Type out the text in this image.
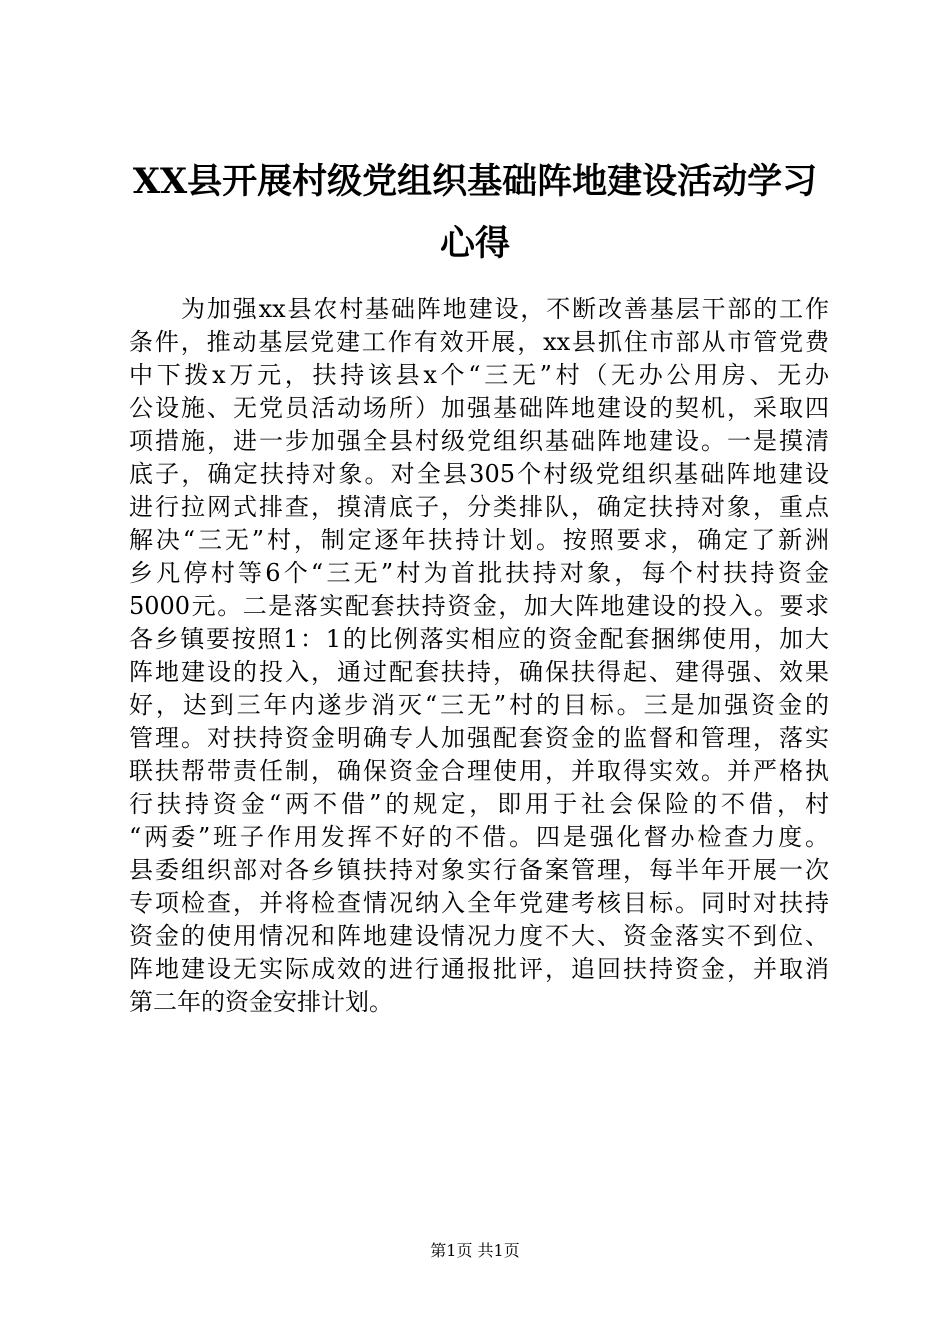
XX县开展村级党组织基础阵地建设活动学习
心得
为加强xx县农村基础阵地建设，不断改善基层干部的工作
条件，推动基层党建工作有效开展，xx县抓住市部从市管党费
中下拨x万元，扶持该县x个“三无”村（无办公用房、无办
公设施、无党员活动场所）加强基础阵地建设的契机，采取四
项措施，进一步加强全县村级党组织基础阵地建设。一是摸清
底子，确定扶持对象。对全县305个村级党组织基础阵地建设
进行拉网式排查，摸清底子，分类排队，确定扶持对象，重点
解决“三无”村，制定逐年扶持计划。按照要求，确定了新洲
乡凡停村等6个“三无”村为首批扶持对象，每个村扶持资金
5000元。二是落实配套扶持资金，加大阵地建设的投入。要求
各乡镇要按照1：1的比例落实相应的资金配套捆绑使用，加大
阵地建设的投入，通过配套扶持，确保扶得起、建得强、效果
好，达到三年内遂步消灭“三无”村的目标。三是加强资金的
管理。对扶持资金明确专人加强配套资金的监督和管理，落实
联扶帮带责任制，确保资金合理使用，并取得实效。并严格执
行扶持资金“两不借”的规定，即用于社会保险的不借，村
“两委”班子作用发挥不好的不借。四是强化督办检查力度。
县委组织部对各乡镇扶持对象实行备案管理，每半年开展一次
专项检查，并将检查情况纳入全年党建考核目标。同时对扶持
资金的使用情况和阵地建设情况力度不大、资金落实不到位、
阵地建设无实际成效的进行通报批评，追回扶持资金，并取消
第二年的资金安排计划。
第1页 共1页
